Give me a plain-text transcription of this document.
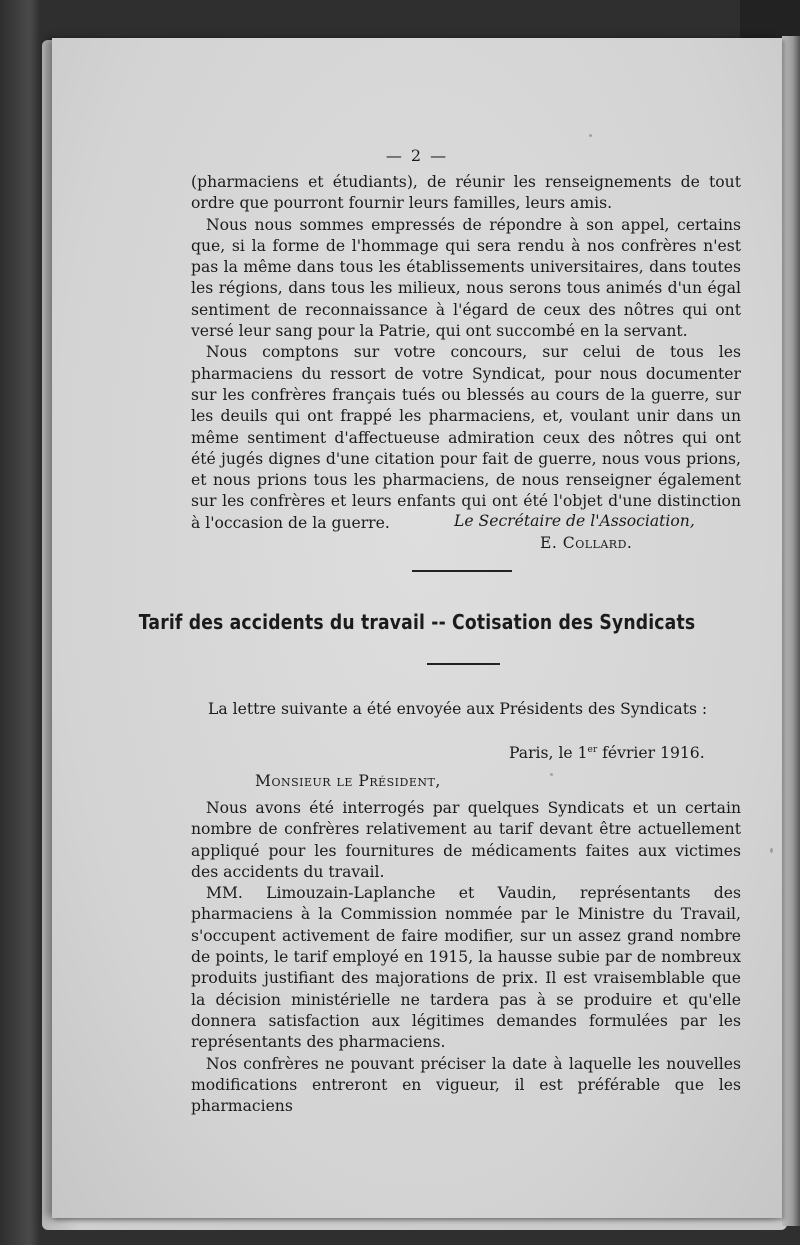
— 2 —

(pharmaciens et étudiants), de réunir les renseignements de tout ordre que pourront fournir leurs familles, leurs amis.

Nous nous sommes empressés de répondre à son appel, certains que, si la forme de l'hommage qui sera rendu à nos confrères n'est pas la même dans tous les établissements universitaires, dans toutes les régions, dans tous les milieux, nous serons tous animés d'un égal sentiment de reconnaissance à l'égard de ceux des nôtres qui ont versé leur sang pour la Patrie, qui ont succombé en la servant.

Nous comptons sur votre concours, sur celui de tous les pharmaciens du ressort de votre Syndicat, pour nous documenter sur les confrères français tués ou blessés au cours de la guerre, sur les deuils qui ont frappé les pharmaciens, et, voulant unir dans un même sentiment d'affectueuse admiration ceux des nôtres qui ont été jugés dignes d'une citation pour fait de guerre, nous vous prions, et nous prions tous les pharmaciens, de nous renseigner également sur les confrères et leurs enfants qui ont été l'objet d'une distinction à l'occasion de la guerre.	Le Secrétaire de l'Association,
E. Collard.
Tarif des accidents du travail -- Cotisation des Syndicats
La lettre suivante a été envoyée aux Présidents des Syndicats :
Paris, le 1er février 1916.
Monsieur le Président,

Nous avons été interrogés par quelques Syndicats et un certain nombre de confrères relativement au tarif devant être actuellement appliqué pour les fournitures de médicaments faites aux victimes des accidents du travail.

MM. Limouzain-Laplanche et Vaudin, représentants des pharmaciens à la Commission nommée par le Ministre du Travail, s'occupent activement de faire modifier, sur un assez grand nombre de points, le tarif employé en 1915, la hausse subie par de nombreux produits justifiant des majorations de prix. Il est vraisemblable que la décision ministérielle ne tardera pas à se produire et qu'elle donnera satisfaction aux légitimes demandes formulées par les représentants des pharmaciens.

Nos confrères ne pouvant préciser la date à laquelle les nouvelles modifications entreront en vigueur, il est préférable que les pharmaciens
